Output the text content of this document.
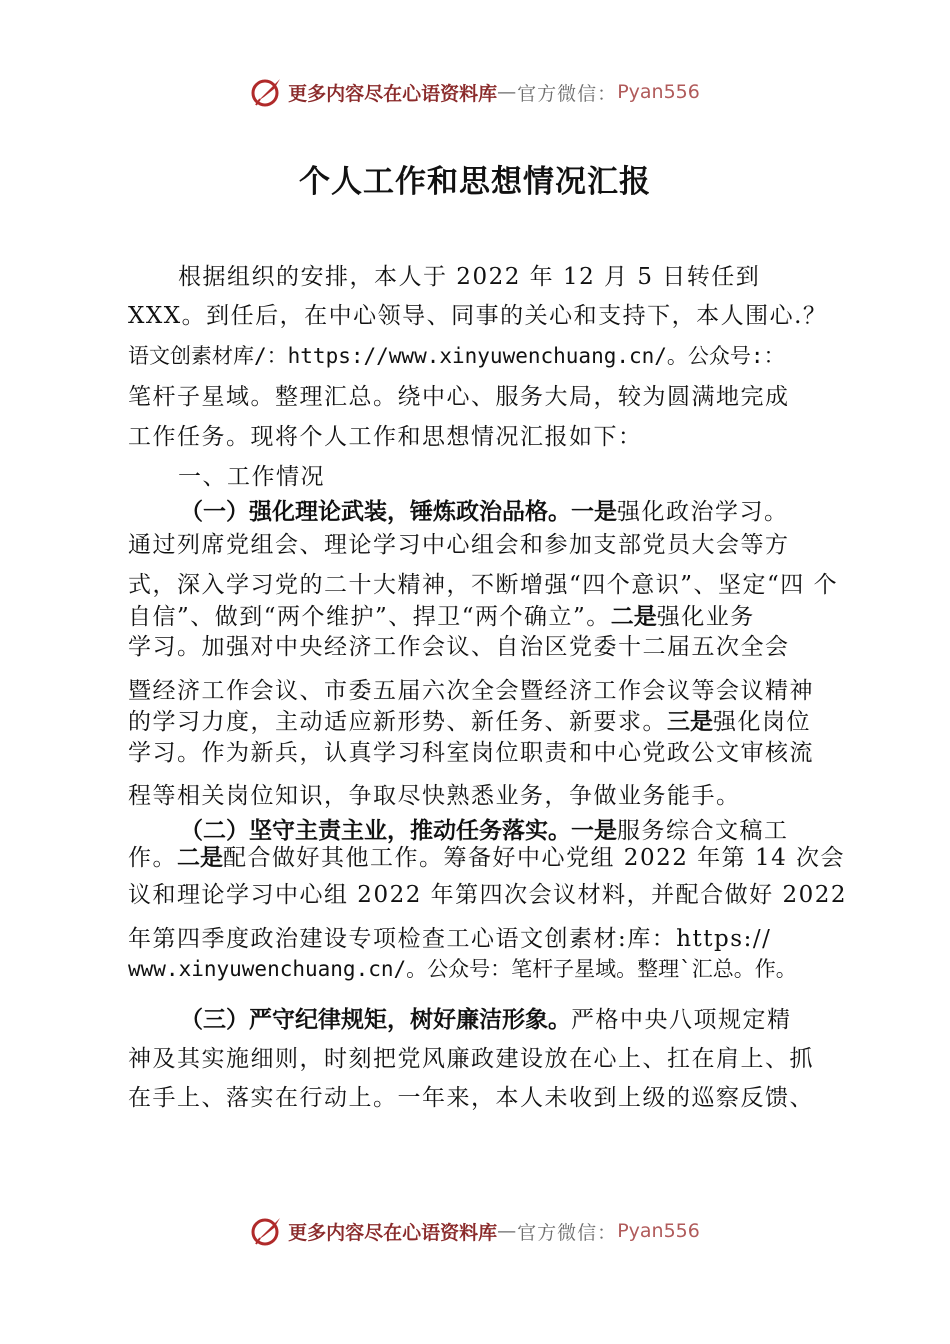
更多内容尽在心语资料库 — 官方微信： Pyan556
个人工作和思想情况汇报
根据组织的安排，本人于 2022 年 12 月 5 日转任到
XXX。到任后，在中心领导、同事的关心和支持下，本人围心.？
语文创素材库/：https://www.xinyuwenchuang.cn/。公众号:：
笔杆子星域。整理汇总。绕中心、服务大局，较为圆满地完成
工作任务。现将个人工作和思想情况汇报如下：
一、工作情况
（一）强化理论武装，锤炼政治品格。一是强化政治学习。
通过列席党组会、理论学习中心组会和参加支部党员大会等方
式，深入学习党的二十大精神，不断增强“四个意识”、坚定“四 个
自信”、做到“两个维护”、捍卫“两个确立”。二是强化业务
学习。加强对中央经济工作会议、自治区党委十二届五次全会
暨经济工作会议、市委五届六次全会暨经济工作会议等会议精神
的学习力度，主动适应新形势、新任务、新要求。三是强化岗位
学习。作为新兵，认真学习科室岗位职责和中心党政公文审核流
程等相关岗位知识，争取尽快熟悉业务，争做业务能手。
（二）坚守主责主业，推动任务落实。一是服务综合文稿工
作。二是配合做好其他工作。筹备好中心党组 2022 年第 14 次会
议和理论学习中心组 2022 年第四次会议材料，并配合做好 2022
年第四季度政治建设专项检查工心语文创素材:库：https://
www.xinyuwenchuang.cn/。公众号：笔杆子星域。整理`汇总。作。
（三）严守纪律规矩，树好廉洁形象。严格中央八项规定精
神及其实施细则，时刻把党风廉政建设放在心上、扛在肩上、抓
在手上、落实在行动上。一年来，本人未收到上级的巡察反馈、
更多内容尽在心语资料库 — 官方微信： Pyan556
